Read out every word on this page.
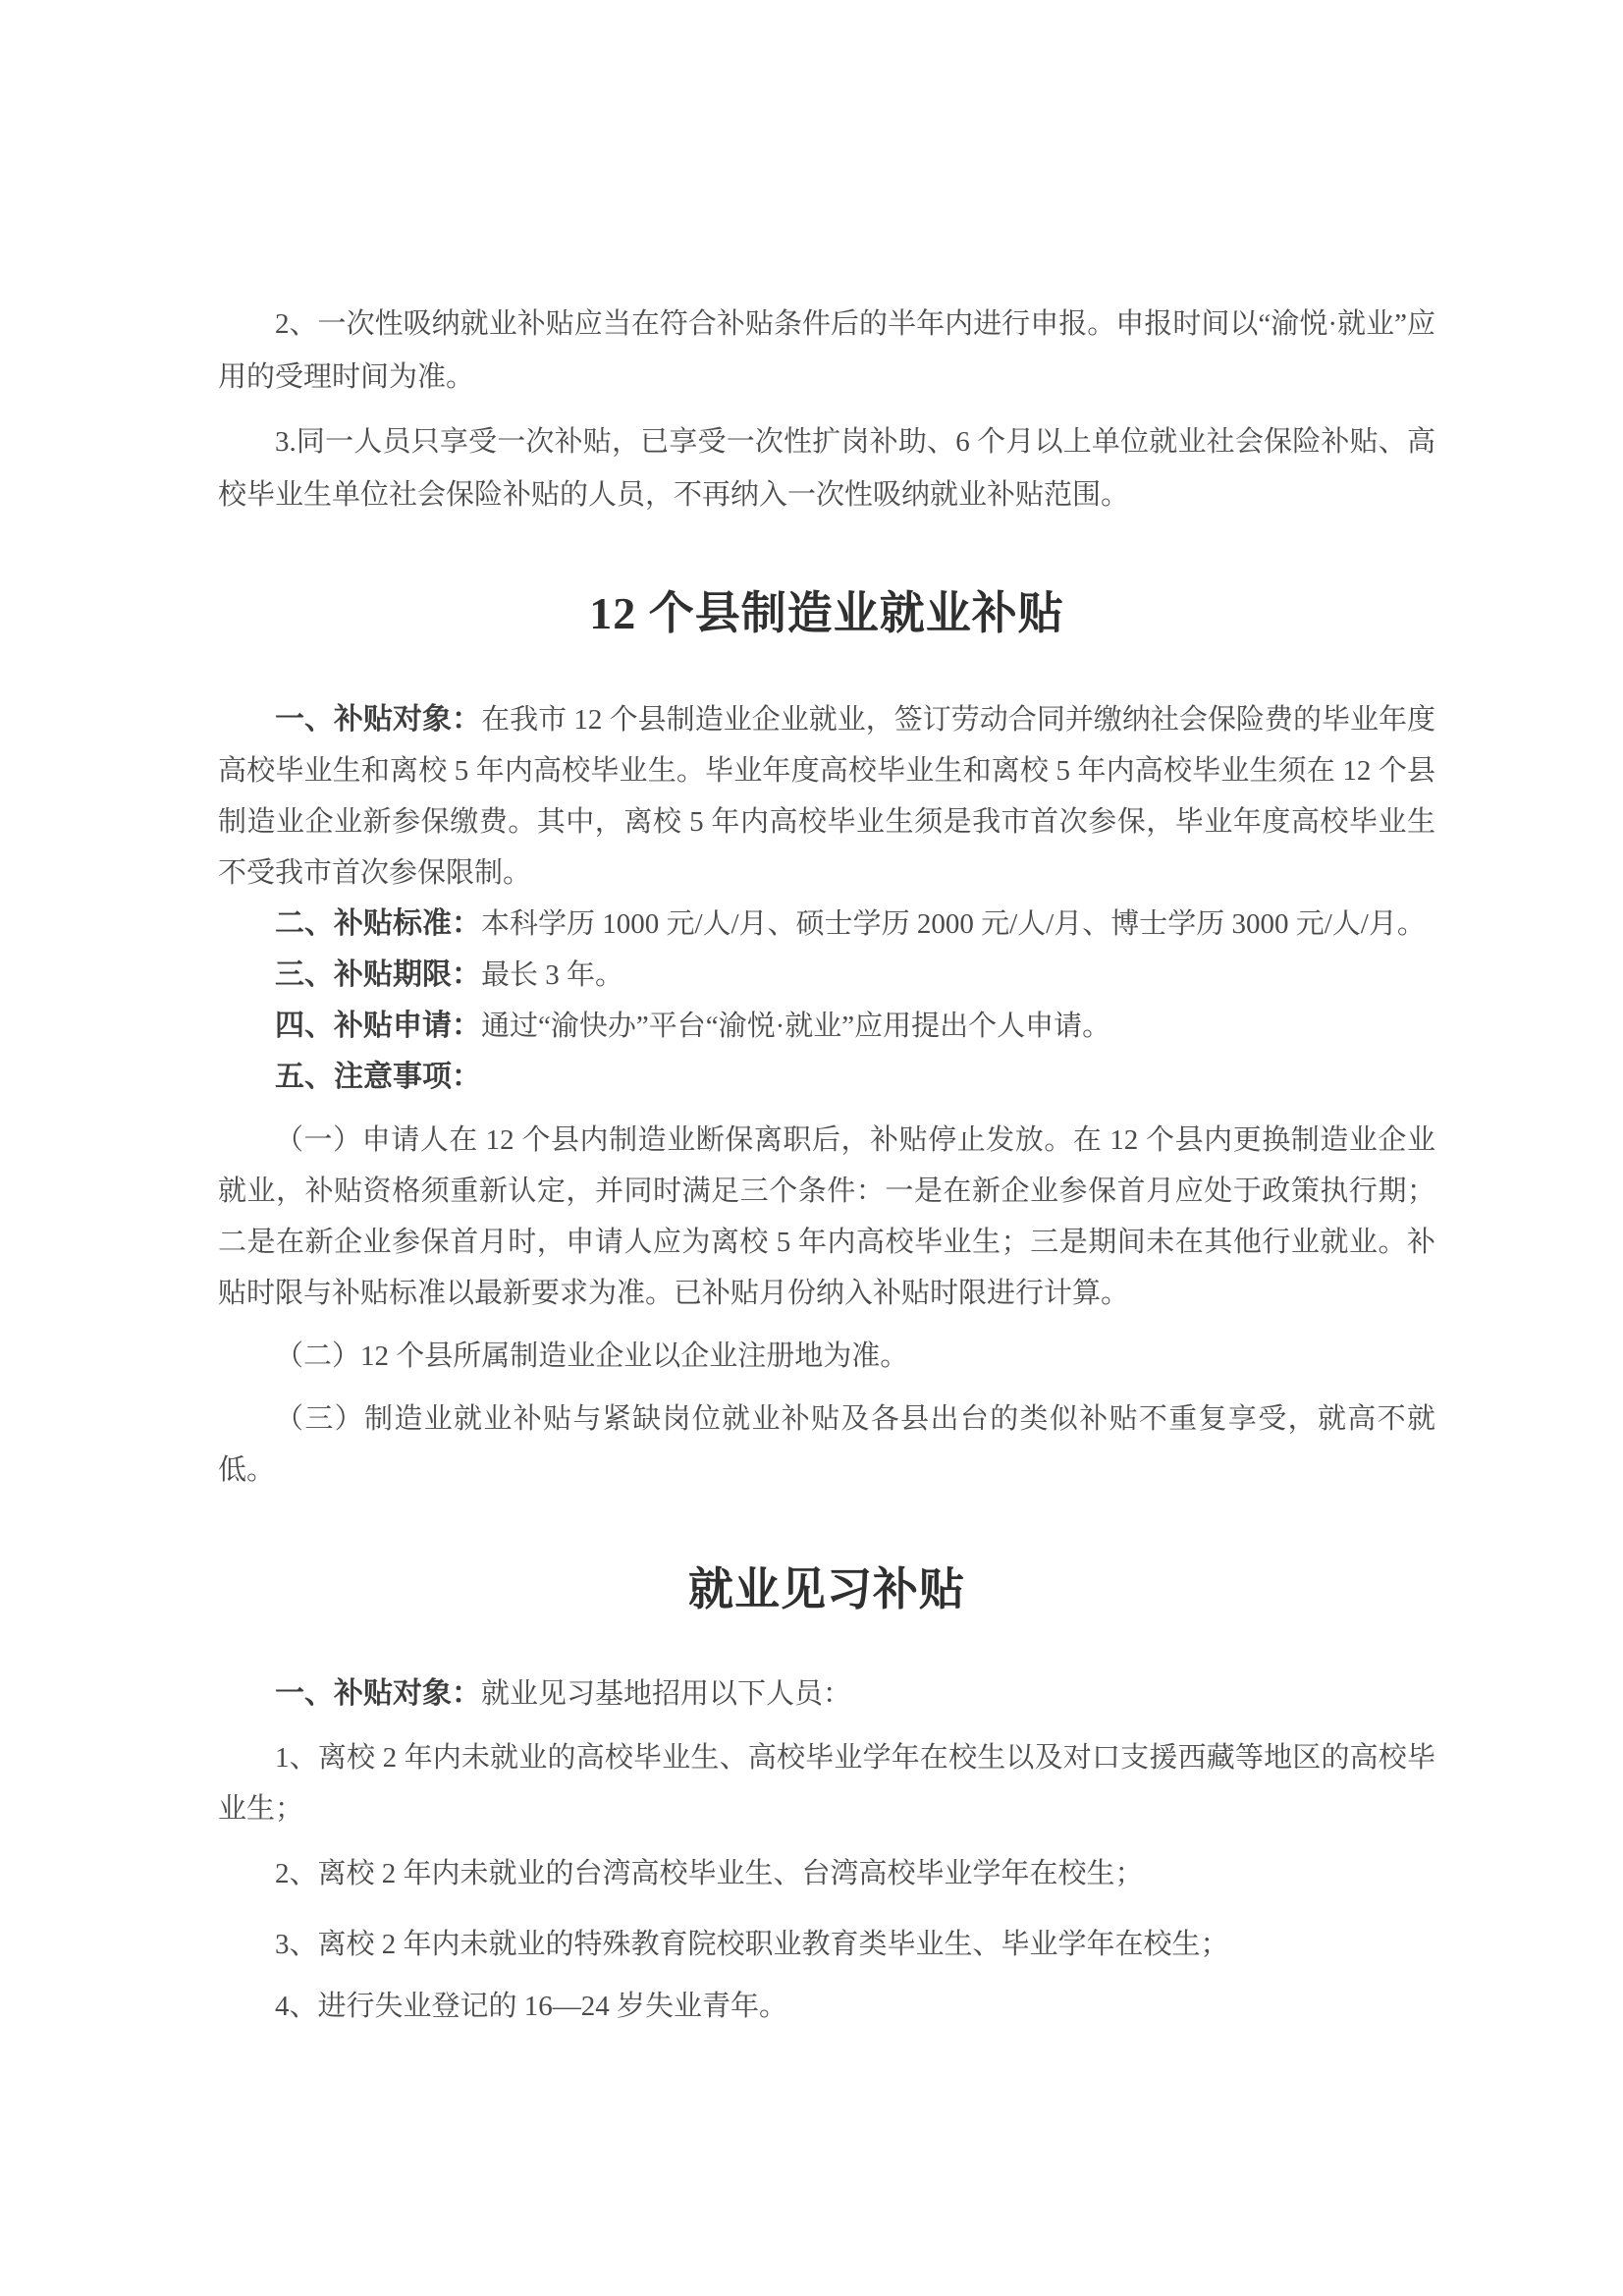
2、一次性吸纳就业补贴应当在符合补贴条件后的半年内进行申报。申报时间以“渝悦·就业”应用的受理时间为准。

3.同一人员只享受一次补贴，已享受一次性扩岗补助、6 个月以上单位就业社会保险补贴、高校毕业生单位社会保险补贴的人员，不再纳入一次性吸纳就业补贴范围。

12 个县制造业就业补贴

一、补贴对象：在我市 12 个县制造业企业就业，签订劳动合同并缴纳社会保险费的毕业年度高校毕业生和离校 5 年内高校毕业生。毕业年度高校毕业生和离校 5 年内高校毕业生须在 12 个县制造业企业新参保缴费。其中，离校 5 年内高校毕业生须是我市首次参保，毕业年度高校毕业生不受我市首次参保限制。

二、补贴标准：本科学历 1000 元/人/月、硕士学历 2000 元/人/月、博士学历 3000 元/人/月。

三、补贴期限：最长 3 年。

四、补贴申请：通过“渝快办”平台“渝悦·就业”应用提出个人申请。

五、注意事项：

（一）申请人在 12 个县内制造业断保离职后，补贴停止发放。在 12 个县内更换制造业企业就业，补贴资格须重新认定，并同时满足三个条件：一是在新企业参保首月应处于政策执行期；二是在新企业参保首月时，申请人应为离校 5 年内高校毕业生；三是期间未在其他行业就业。补贴时限与补贴标准以最新要求为准。已补贴月份纳入补贴时限进行计算。

（二）12 个县所属制造业企业以企业注册地为准。

（三）制造业就业补贴与紧缺岗位就业补贴及各县出台的类似补贴不重复享受，就高不就低。

就业见习补贴

一、补贴对象：就业见习基地招用以下人员：

1、离校 2 年内未就业的高校毕业生、高校毕业学年在校生以及对口支援西藏等地区的高校毕业生；

2、离校 2 年内未就业的台湾高校毕业生、台湾高校毕业学年在校生；

3、离校 2 年内未就业的特殊教育院校职业教育类毕业生、毕业学年在校生；

4、进行失业登记的 16—24 岁失业青年。
